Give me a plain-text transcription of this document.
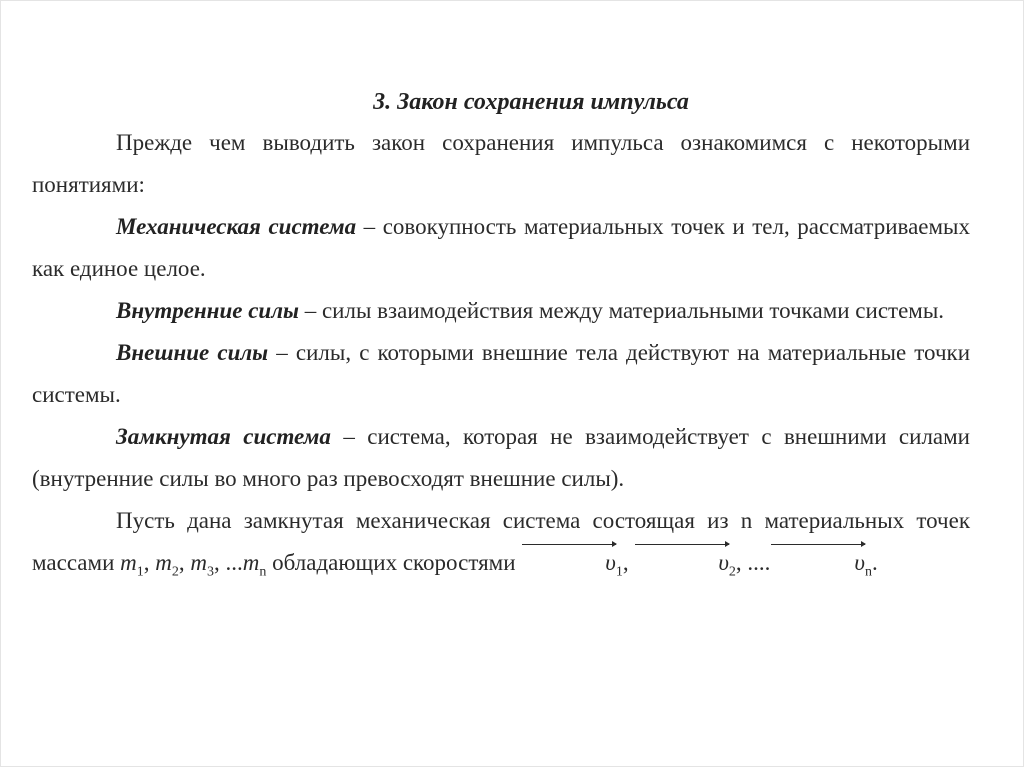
3. Закон сохранения импульса

Прежде чем выводить закон сохранения импульса ознакомимся с некоторыми понятиями:

Механическая система – совокупность материальных точек и тел, рассматриваемых как единое целое.

Внутренние силы – силы взаимодействия между материальными точками системы.

Внешние силы – силы, с которыми внешние тела действуют на материальные точки системы.

Замкнутая система – система, которая не взаимодействует с внешними силами (внутренние силы во много раз превосходят внешние силы).

Пусть дана замкнутая механическая система состоящая из n материальных точек массами $m_1$, $m_2$, $m_3$, $...m_n$ обладающих скоростями	$\upsilon_1$,	$\upsilon_2$, ....	$\upsilon_n$.
